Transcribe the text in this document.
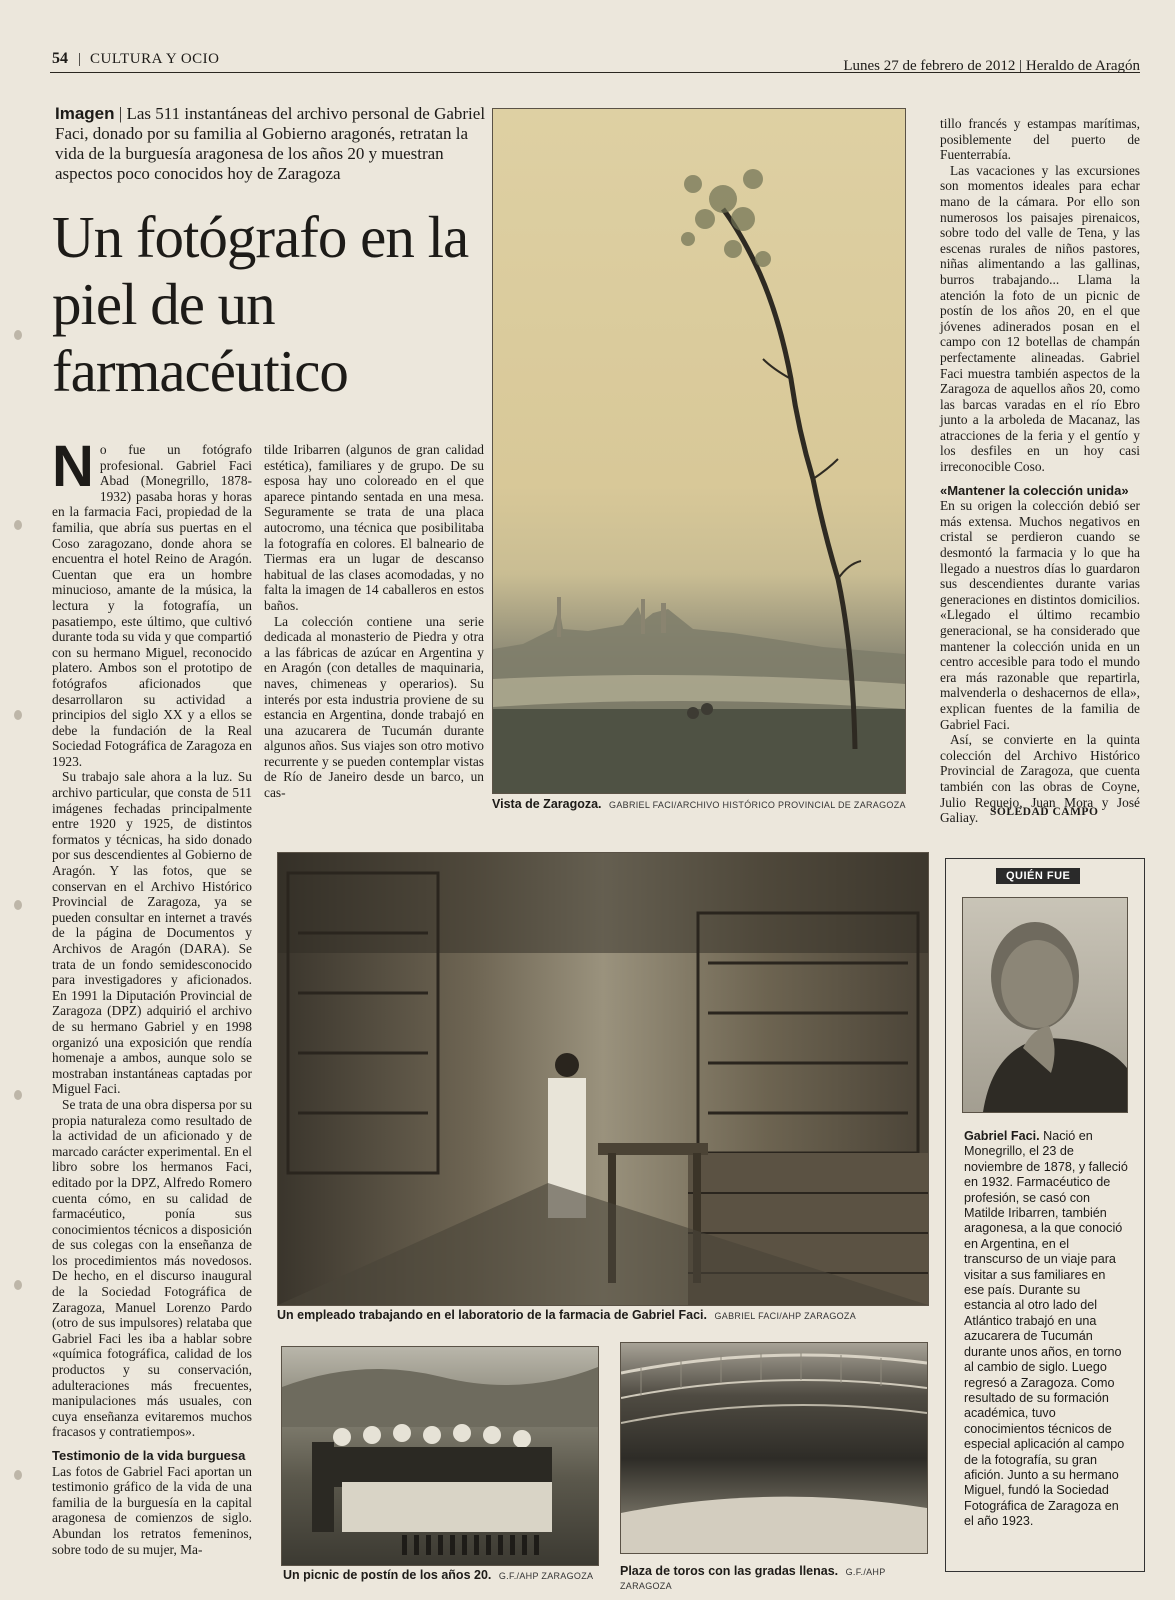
54 | CULTURA Y OCIO	Lunes 27 de febrero de 2012 | Heraldo de Aragón
Imagen | Las 511 instantáneas del archivo personal de Gabriel Faci, donado por su familia al Gobierno aragonés, retratan la vida de la burguesía aragonesa de los años 20 y muestran aspectos poco conocidos hoy de Zaragoza
Un fotógrafo en la piel de un farmacéutico
Vista de Zaragoza. GABRIEL FACI/ARCHIVO HISTÓRICO PROVINCIAL DE ZARAGOZA
N o fue un fotógrafo profesional. Gabriel Faci Abad (Monegrillo, 1878-1932) pasaba horas y horas en la farmacia Faci, propiedad de la familia, que abría sus puertas en el Coso zaragozano, donde ahora se encuentra el hotel Reino de Aragón. Cuentan que era un hombre minucioso, amante de la música, la lectura y la fotografía, un pasatiempo, este último, que cultivó durante toda su vida y que compartió con su hermano Miguel, reconocido platero. Ambos son el prototipo de fotógrafos aficionados que desarrollaron su actividad a principios del siglo XX y a ellos se debe la fundación de la Real Sociedad Fotográfica de Zaragoza en 1923.

Su trabajo sale ahora a la luz. Su archivo particular, que consta de 511 imágenes fechadas principalmente entre 1920 y 1925, de distintos formatos y técnicas, ha sido donado por sus descendientes al Gobierno de Aragón. Y las fotos, que se conservan en el Archivo Histórico Provincial de Zaragoza, ya se pueden consultar en internet a través de la página de Documentos y Archivos de Aragón (DARA). Se trata de un fondo semidesconocido para investigadores y aficionados. En 1991 la Diputación Provincial de Zaragoza (DPZ) adquirió el archivo de su hermano Gabriel y en 1998 organizó una exposición que rendía homenaje a ambos, aunque solo se mostraban instantáneas captadas por Miguel Faci.

Se trata de una obra dispersa por su propia naturaleza como resultado de la actividad de un aficionado y de marcado carácter experimental. En el libro sobre los hermanos Faci, editado por la DPZ, Alfredo Romero cuenta cómo, en su calidad de farmacéutico, ponía sus conocimientos técnicos a disposición de sus colegas con la enseñanza de los procedimientos más novedosos. De hecho, en el discurso inaugural de la Sociedad Fotográfica de Zaragoza, Manuel Lorenzo Pardo (otro de sus impulsores) relataba que Gabriel Faci les iba a hablar sobre «química fotográfica, calidad de los productos y su conservación, adulteraciones más frecuentes, manipulaciones más usuales, con cuya enseñanza evitaremos muchos fracasos y contratiempos».

Testimonio de la vida burguesa

Las fotos de Gabriel Faci aportan un testimonio gráfico de la vida de una familia de la burguesía en la capital aragonesa de comienzos de siglo. Abundan los retratos femeninos, sobre todo de su mujer, Ma-

tilde Iribarren (algunos de gran calidad estética), familiares y de grupo. De su esposa hay uno coloreado en el que aparece pintando sentada en una mesa. Seguramente se trata de una placa autocromo, una técnica que posibilitaba la fotografía en colores. El balneario de Tiermas era un lugar de descanso habitual de las clases acomodadas, y no falta la imagen de 14 caballeros en estos baños.

La colección contiene una serie dedicada al monasterio de Piedra y otra a las fábricas de azúcar en Argentina y en Aragón (con detalles de maquinaria, naves, chimeneas y operarios). Su interés por esta industria proviene de su estancia en Argentina, donde trabajó en una azucarera de Tucumán durante algunos años. Sus viajes son otro motivo recurrente y se pueden contemplar vistas de Río de Janeiro desde un barco, un cas-

tillo francés y estampas marítimas, posiblemente del puerto de Fuenterrabía.

Las vacaciones y las excursiones son momentos ideales para echar mano de la cámara. Por ello son numerosos los paisajes pirenaicos, sobre todo del valle de Tena, y las escenas rurales de niños pastores, niñas alimentando a las gallinas, burros trabajando... Llama la atención la foto de un picnic de postín de los años 20, en el que jóvenes adinerados posan en el campo con 12 botellas de champán perfectamente alineadas. Gabriel Faci muestra también aspectos de la Zaragoza de aquellos años 20, como las barcas varadas en el río Ebro junto a la arboleda de Macanaz, las atracciones de la feria y el gentío y los desfiles en un hoy casi irreconocible Coso.

«Mantener la colección unida»

En su origen la colección debió ser más extensa. Muchos negativos en cristal se perdieron cuando se desmontó la farmacia y lo que ha llegado a nuestros días lo guardaron sus descendientes durante varias generaciones en distintos domicilios. «Llegado el último recambio generacional, se ha considerado que mantener la colección unida en un centro accesible para todo el mundo era más razonable que repartirla, malvenderla o deshacernos de ella», explican fuentes de la familia de Gabriel Faci.

Así, se convierte en la quinta colección del Archivo Histórico Provincial de Zaragoza, que cuenta también con las obras de Coyne, Julio Requejo, Juan Mora y José Galiay.	SOLEDAD CAMPO
Un empleado trabajando en el laboratorio de la farmacia de Gabriel Faci. GABRIEL FACI/AHP ZARAGOZA
Un picnic de postín de los años 20. G.F./AHP ZARAGOZA	Plaza de toros con las gradas llenas. G.F./AHP ZARAGOZA
QUIÉN FUE
Gabriel Faci. Nació en Monegrillo, el 23 de noviembre de 1878, y falleció en 1932. Farmacéutico de profesión, se casó con Matilde Iribarren, también aragonesa, a la que conoció en Argentina, en el transcurso de un viaje para visitar a sus familiares en ese país. Durante su estancia al otro lado del Atlántico trabajó en una azucarera de Tucumán durante unos años, en torno al cambio de siglo. Luego regresó a Zaragoza. Como resultado de su formación académica, tuvo conocimientos técnicos de especial aplicación al campo de la fotografía, su gran afición. Junto a su hermano Miguel, fundó la Sociedad Fotográfica de Zaragoza en el año 1923.
